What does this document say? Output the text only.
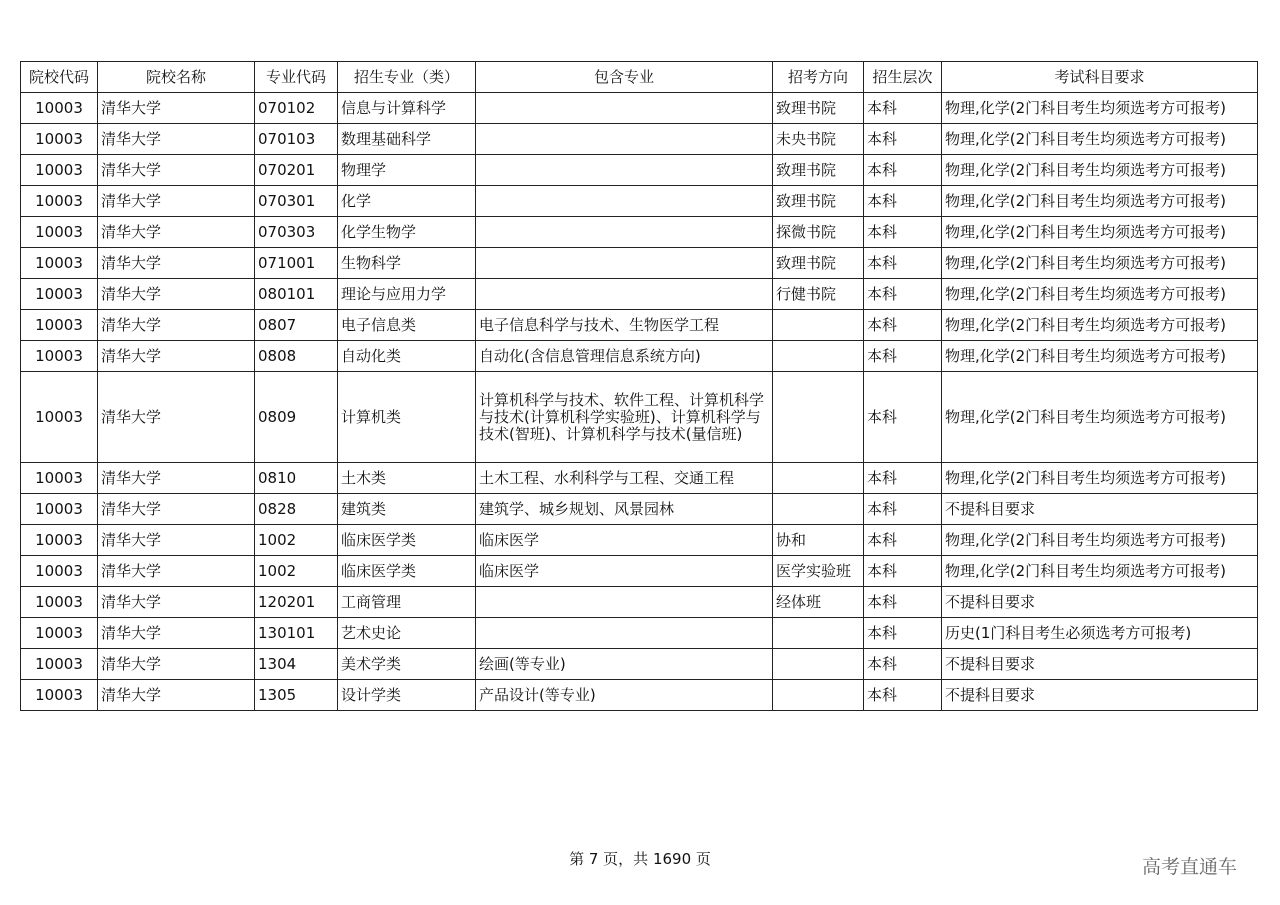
院校代码	院校名称	专业代码	招生专业（类）	包含专业	招考方向	招生层次	考试科目要求
10003	清华大学	070102	信息与计算科学		致理书院	本科	物理,化学(2门科目考生均须选考方可报考)
10003	清华大学	070103	数理基础科学		未央书院	本科	物理,化学(2门科目考生均须选考方可报考)
10003	清华大学	070201	物理学		致理书院	本科	物理,化学(2门科目考生均须选考方可报考)
10003	清华大学	070301	化学		致理书院	本科	物理,化学(2门科目考生均须选考方可报考)
10003	清华大学	070303	化学生物学		探微书院	本科	物理,化学(2门科目考生均须选考方可报考)
10003	清华大学	071001	生物科学		致理书院	本科	物理,化学(2门科目考生均须选考方可报考)
10003	清华大学	080101	理论与应用力学		行健书院	本科	物理,化学(2门科目考生均须选考方可报考)
10003	清华大学	0807	电子信息类	电子信息科学与技术、生物医学工程		本科	物理,化学(2门科目考生均须选考方可报考)
10003	清华大学	0808	自动化类	自动化(含信息管理信息系统方向)		本科	物理,化学(2门科目考生均须选考方可报考)
10003	清华大学	0809	计算机类	计算机科学与技术、软件工程、计算机科学与技术(计算机科学实验班)、计算机科学与技术(智班)、计算机科学与技术(量信班)		本科	物理,化学(2门科目考生均须选考方可报考)
10003	清华大学	0810	土木类	土木工程、水利科学与工程、交通工程		本科	物理,化学(2门科目考生均须选考方可报考)
10003	清华大学	0828	建筑类	建筑学、城乡规划、风景园林		本科	不提科目要求
10003	清华大学	1002	临床医学类	临床医学	协和	本科	物理,化学(2门科目考生均须选考方可报考)
10003	清华大学	1002	临床医学类	临床医学	医学实验班	本科	物理,化学(2门科目考生均须选考方可报考)
10003	清华大学	120201	工商管理		经体班	本科	不提科目要求
10003	清华大学	130101	艺术史论			本科	历史(1门科目考生必须选考方可报考)
10003	清华大学	1304	美术学类	绘画(等专业)		本科	不提科目要求
10003	清华大学	1305	设计学类	产品设计(等专业)		本科	不提科目要求
第 7 页，共 1690 页	高考直通车
